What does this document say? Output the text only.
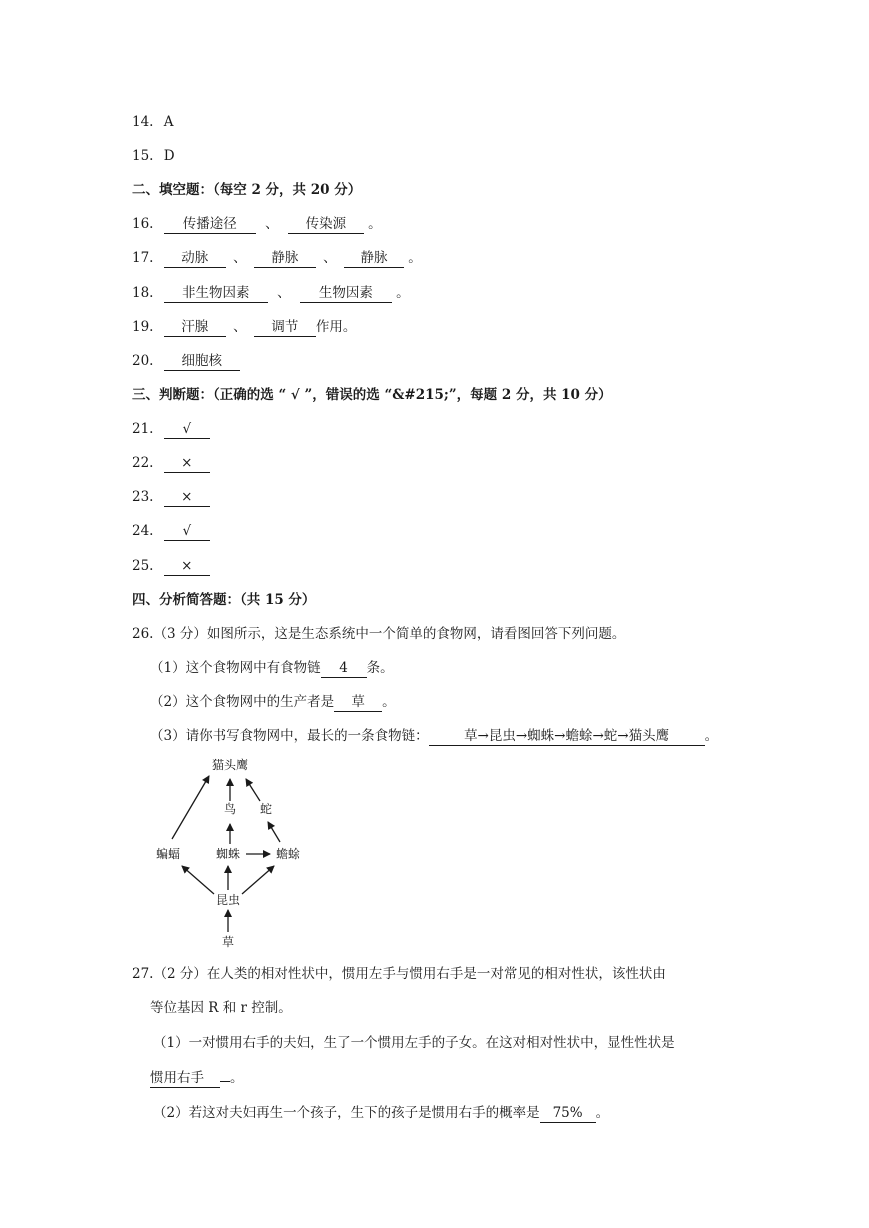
14. A
15. D
二、填空题：（每空 2 分，共 20 分）
16. 传播途径 、 传染源 。
17. 动脉 、 静脉 、 静脉 。
18. 非生物因素 、 生物因素 。
19. 汗腺 、 调节 作用。
20. 细胞核
三、判断题：（正确的选 “ √ ”，错误的选 “&#215;”，每题 2 分，共 10 分）
21. √
22. ×
23. ×
24. √
25. ×
四、分析简答题：（共 15 分）
26.（3 分）如图所示，这是生态系统中一个简单的食物网，请看图回答下列问题。
（1）这个食物网中有食物链 4 条。
（2）这个食物网中的生产者是 草 。
（3）请你书写食物网中，最长的一条食物链：	草→昆虫→蜘蛛→蟾蜍→蛇→猫头鹰	。
猫头鹰
鸟 蛇
蝙蝠	蜘蛛	蟾蜍
昆虫
草
27.（2 分）在人类的相对性状中，惯用左手与惯用右手是一对常见的相对性状，该性状由
等位基因 R 和 r 控制。
（1）一对惯用右手的夫妇，生了一个惯用左手的子女。在这对相对性状中，显性性状是
惯用右手 。
（2）若这对夫妇再生一个孩子，生下的孩子是惯用右手的概率是 75% 。
